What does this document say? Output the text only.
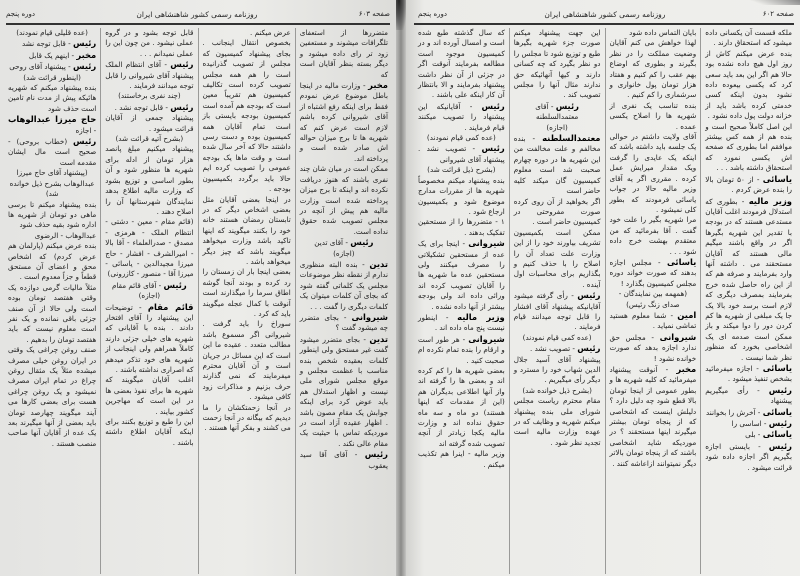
صفحه ۶۰۳
روزنامه رسمی کشور شاهنشاهی ایران
دوره پنجم

متضررها از استعفای تلگرافات میشوند و مستعفین زود تر رای داده میشود و دیگر بسته بنظر آقایان است که

مخبر - وزارت مالیه در اینجا باطل موضوع عرض نمودم فقط برای اینکه رفع اشتباه از آقای شیروانی کرده باشم لازم است عرض کنم که شهریه ها تا برج میزان حواله اش صادر شده است و پرداخته اند.

ممکن است در میان شان چند نفری باشند که هنوز دریافت نکرده اند و اینکه تا برج میزان پرداخته شده است وزارت مالیه هم پیش از آنچه در مجلس تصویب شده حقوق نداده است.

رئیس - آقای تدین

(اجازه)

تدین - بنده البته منظوری ندارم از نقطه نظر موضوعات مجلس یک کلماتی گفته شود که بجای آن کلمات میتوان یک کلمات دیگری را گفت . . .

شیروانی - بجای متضرر چه میشود گفت ؟

تدین - بجای متضرر میشود گفت غیر مستحق ولی اینطور کلمات بعقیده شخص بنده مناسب با عظمت مجلس و موقع مجلس شورای ملی نیست و اظهار استدلال هم باید عوض کرد برای اینکه جوابش یک مقام مصون باشد . اظهار عقیده آزاد است در موردیکه تماس با حیثیت یک مقام عالی نکند .

رئیس - آقای آقا سید یعقوب

عرض میکنم .

بخصوص انتقال اینجانب . بجای پیشنهاد کمیسیون که مجلس از تصویب گذرانیده است را هم همه مجلس تصویب کرده است تکالیف کمیسیون هم تقریباً معین است که بودجه هم آمده است کمیسیون بودجه بایستی باز است تمام آقایان همه کمیسیون بوده و دست رسی داشتند حالا که آخر سال شده است و وقت ماها یک بودجه عمومی را تصویب کرده ایم حالا باید برگردد بکمیسیون بودجه .

در اینجا بعضی آقایان مثل بعضی اشخاص دیگر که در تابستان رمضان هستند خانه خود را بکنند میگویند که اینها تاکید باشد وزارت میخواهد میگویند باشد که چیز دیگر میخواهد باشد .

بعضی اینجا بار ان زمستان را رد کرده و بودند آنجا گوشه اطاق سرما را میگذارند است آنوقت با کمال عجله میگویند باید که کرد .

سوراخ را باید گرفت . شیروانی اگر مسموع باشد مطالب متعدد . عقیده ما این است که این مسائل در جریان است و آن آقایان محترم میفرمایند که نمی گذارند حرف بزنیم و مذاکرات زود کافی میشود .

در آنجا زحمتکشان را ما دیدیم که بیگانه در آنجا زحمت می کشند و بفکر آنها هستند .

قابل توجه بشود و در گروه عملی نیشود . من چون این را عملی نمیدانم . . .

رئیس - آقای انتظام الملک پیشنهاد آقای شیروانی را قابل توجه میدانند فرمایند .

(چند نفری برخاستند)

رئیس - قابل توجه نشد .

پیشنهاد جمعی از آقایان قرائت میشود .

(بشرح آتیه قرائت شد)

پیشنهاد میکنیم مبلغ پانصد هزار تومان از ادله برای شهریه ها منظور شود و آن بطور اساسی و توزیع بشود که وزارت مالیه اطلاع بدهد نمایندگان شهرستانها آن را اصلاح دهند .

(قائم مقام - معین - دشتی - انتظام الملک - هرمزی - مصدق - صدرالعلماء - آقا بالا - امیرالشرف - افشار - حاج میرزا مجیدالدین - یاسائی - میرزا آقا - منصور - کازرونی)

رئیس - آقای قائم مقام

(اجازه)

قائم مقام - توضیحات این پیشنهاد را آقای افتخار دادند . بنده با آقایانی که شهریه های خیلی جزئی دارند کاملاً همراهم ولی اینجانب از شهریه های خود تذکر میدهم که اصراری نداشته باشند .

اغلب آقایان میگویند که شهریه ها برای نفوذ بعضی ها در این است که مهاجرین کشور بیایند .

این را طبع و توزیع بکنند برای اینکه آقایان اطلاع داشته باشند .

(عده قلیلی قیام نمودند)

رئیس - قابل توجه نشد

مخبر - اینهم یک قابل

رئیس - پیشنهاد آقای روحی

(اینطور قرائت شد)

بنده پیشنهاد میکنم که شهریه هائیکه پیش از مدت نام تامین است حذف شود

حاج میرزا عبدالوهاب - اجازه

رئیس (خطاب بروحی) - صحیح است مال ایشان مقدمه است

(پیشنهاد آقای حاج میرزا عبدالوهاب بشرح ذیل خوانده شد)

بنده پیشنهاد میکنم تا برسی ماهی دو تومان از شهریه ها اداره شود بقیه حذف شود

عبدالوهاب - الرضوی

بنده عرض میکنم (پارلمان هم عرض کردم) که اشخاص محق و اعضای آن مستحق قطعاً و جزاً معدوم است .

مثلاً مالیات گرمی دوازده یک وقتی هفتصد تومان بوده است ولی حالا از آن صنف جزئی باقی نمانده و یک نفر است معلوم نیست که باید هفتصد تومان را بدهیم .

صنف روغن چراغی یک وقتی در ایران روغن خیلی مصرف میشده مثلاً یک مثقال روغن چراغ در تمام ایران مصرف نمیشود و یک روغن چراغی هست برای بعضی کارها می آیند میگویند چهارصد تومان باید بعضی از آنها میگیرند بعد یک عده از آقایان آنها صاحب منصب هستند .

صفحه ۶۰۲
روزنامه رسمی کشور شاهنشاهی ایران
دوره پنجم

ملکه قسمت آن یکسانی داده میشود که استحقاق دارند .

بنده عرض میکنم کاش از روز اول هیچ داده نشده بود حالا هم اگر این بعد باید سعی کرد که یکسی بیعوده داده نشود بدون اینکه کسی خدمتی کرده باشد باید از خزانه دولت پول داده نشود .

این اصل کاملاً صحیح است و بنده هم از همه کس بیشتر موافقم اما بطوری که صفحه اش یکسی نمورد که استحقاق داشته باشد . . .

یاسائی - از ۵۰ تومان بالا را بنده عرض کردم .

وزیر مالیه - بطوری که استدلال فرمودند اغلب آقایان مستدعی هستند که در بودجه با تقدیر این شهریه بگیرها اگر در واقع باشند میگیم مالی هستند که آقایان مستحقند می . داشته آنها وارد بفرمایند و صرفه هم که از این راه حاصل شده خرج بفرمایند بمصرف دیگری که لازم است برسد خود بالا یک جا یک مبلغی از شهریه ها کم کردن دور را دوا میکند و باز ممکن است صدمه ای یک اشخاصی بخورد که منظور نظر شما نیست .

یاسائی - اجازه میفرمائید بشخص تنفیذ میشود .

رئیس - رأی میگیریم پیشنهاد

یاسائی - آخرش را بخوانند

رئیس - اساسی را

یاسائی - بلی

رئیس - بایستی اجازه بگیریم اگر اجازه داده شود قرائت میشود .

بایان التماس داده شود

لهذا خواهش می کنم آقایان وضعیت مملکت را در نظر بگیرند و بطوری که اوضاع بهم عقب را کم کنیم و هفتاد هزار تومان پول خانواری و سرشماری را کم کنیم .

بنده تناسب یک نفری از شهریه ها را اصلاح یکسی عمده .

آقای ولایت داشتم در حوالی یک جلسه باید داشته باشد که اینکه یک عایدی را گرفت ویک مقدار میرایش عمل کرده . مقرری اگر یه آقای وزیر مالیه حالا در جواب یاسائی فرمودند که بطور کلی نمیشود .

مرا شهریه بگیر را علت خود گفت . آقا بفرمائید که من معتقدم بهشت خرج داده شود . . .

یاسائی - مجلس اجازه بدهند که صورت خواند دوره مجلس کمیسیون بگذارد !

(همهمه بین نمایندگان - صدای زنگ رئیس)

امین - شما معلوم هستید تماشی نمیاید .

شیروانی - مجلس حق ندارد اجازه بدهد که صورت خوانده نشود !

مخبر - آنوقت پیشنهاد میفرمائید که کلیه شهریه ها و بطور عمومی از اینجا تومان بالا قطع شود چه دلیل دارد ؟ دلیلش اینست که اشخاصی که از پنجاه تومان بیشتر میگیرند اینها مستحقند ؟ در موردیکه شاید اشخاصی باشند که از پنجاه تومان بالاتر دیگر نمیتوانند ازاعاشه کنند .

این جهت پیشنهاد میکنم صورت جزء شهریه بگیرها طبع و توزیع شود تا مجلس را دو نظر بگیرد که چه کسانی دارند و کیها آنهائیکه حق ندارند مثال آنها را مجلس تصویب کند .

رئیس - آقای معتمدالسلطنه

(اجازه)

معتمدالسلطنه - بنده مخالفم و علت مخالفت من این شهریه ها در دوره چهارم صحبت شد است معلوم کمیسیون گان میکند کلیه حاضر است

اگر بخواهید از آن روی کرده صورت مفروحتی در کمیسیون حاضر است .

ممکن است بکمیسیون تشریف بیاورند خود را از این وزارت علت تعداد آن را اصلاح را با حذف کنیم و بگذاریم برای محاسبات اول آینده .

رئیس - رأی گرفته میشود آقایانیکه پیشنهاد آقای افشار را قابل توجه میدانند قیام فرمایند .

(عده کمی قیام نمودند)

رئیس - تصویب نشد .

پیشنهاد آقای آسید جلال الدین شهاب خود را مسترد و دیگر رأی میگیریم .

(بشرح ذیل خوانده شد)

مقام محترم ریاست مجلس شورای ملی بنده پیشنهاد میکنم شهریه و وظایف که در عهده وزارت مالیه است تجدید نظر شود .

که سال گذشته طبع شده است و امسال آورده اند و در کمیسیون موجود است مطالعه بفرمایند آنوقت اگر در جزئی از آن نظر داشت پیشنهاد بفرمایند و الا بانتظار آن کار اینکه علی باشند .

رئیس - آقایانیکه این پیشنهاد را تصویب میکنند قیام فرمایند .

(عده کمی قیام نمودند)

رئیس - تصویب نشد . پیشنهاد آقای شیروانی

(بشرح ذیل قرائت شد)

بنده پیشنهاد میکنم مخصوصاً شهریه ها از مقررات مدارج موضوع شود و بکمیسیون ارجاع شود .

۱ - متضررها را از مستحقین تفکیک بدهند .

شیروانی - اینجا برای یک عده از مستحقین تشکیلاتی را مصرف میکنند ولی مستحقین عده ما شهریه ها را آقایان تصویب کرده اند ورائی داده اند ولی بودجه بیشتر از آنها داده نشده .

وزیر مالیه - اینطور نیست پنج ماه داده اند .

شیروانی - هر طور است و ارقام را بنده تمام نکرده ام صحبت کنید .

بعضی شهریه ها را کم کرده اند و بعضی ها را گرفته اند واز آنها اطلاعی بدیگران هم (این از مقدمات که اینها هستند) دو ماه و سه ماه حقوق نداده اند و وزارت مالیه یکجا زیادتر از آنچه تصویب شده گرفته اند

وزیر مالیه - اینرا هم تکذیب میکنم .
